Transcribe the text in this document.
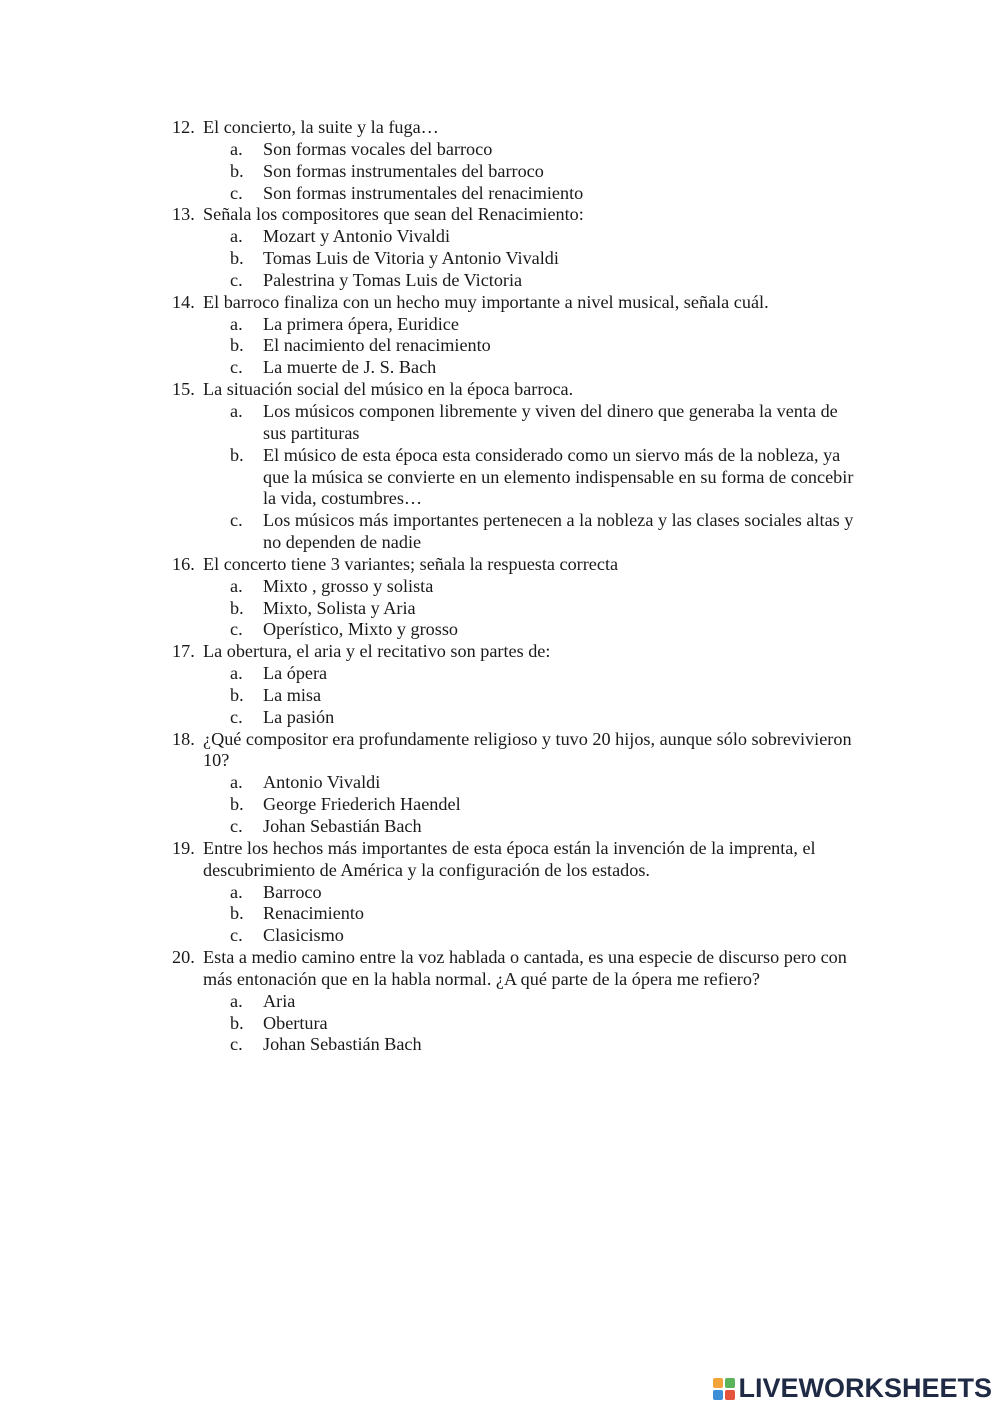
12. El concierto, la suite y la fuga…
a.	Son formas vocales del barroco
b.	Son formas instrumentales del barroco
c.	Son formas instrumentales del renacimiento
13. Señala los compositores que sean del Renacimiento:
a.	Mozart y Antonio Vivaldi
b.	Tomas Luis de Vitoria y Antonio Vivaldi
c.	Palestrina y Tomas Luis de Victoria
14. El barroco finaliza con un hecho muy importante a nivel musical, señala cuál.
a.	La primera ópera, Euridice
b.	El nacimiento del renacimiento
c.	La muerte de J. S. Bach
15. La situación social del músico en la época barroca.
a.	Los músicos componen libremente y viven del dinero que generaba la venta de sus partituras
b.	El músico de esta época esta considerado como un siervo más de la nobleza, ya que la música se convierte en un elemento indispensable en su forma de concebir la vida, costumbres…
c.	Los músicos más importantes pertenecen a la nobleza y las clases sociales altas y no dependen de nadie
16. El concerto tiene 3 variantes; señala la respuesta correcta
a.	Mixto , grosso y solista
b.	Mixto, Solista y Aria
c.	Operístico, Mixto y grosso
17. La obertura, el aria y el recitativo son partes de:
a.	La ópera
b.	La misa
c.	La pasión
18. ¿Qué compositor era profundamente religioso y tuvo 20 hijos, aunque sólo sobrevivieron 10?
a.	Antonio Vivaldi
b.	George Friederich Haendel
c.	Johan Sebastián Bach
19. Entre los hechos más importantes de esta época están la invención de la imprenta, el descubrimiento de América y la configuración de los estados.
a.	Barroco
b.	Renacimiento
c.	Clasicismo
20. Esta a medio camino entre la voz hablada o cantada, es una especie de discurso pero con más entonación que en la habla normal. ¿A qué parte de la ópera me refiero?
a.	Aria
b.	Obertura
c.	Johan Sebastián Bach
LIVEWORKSHEETS
